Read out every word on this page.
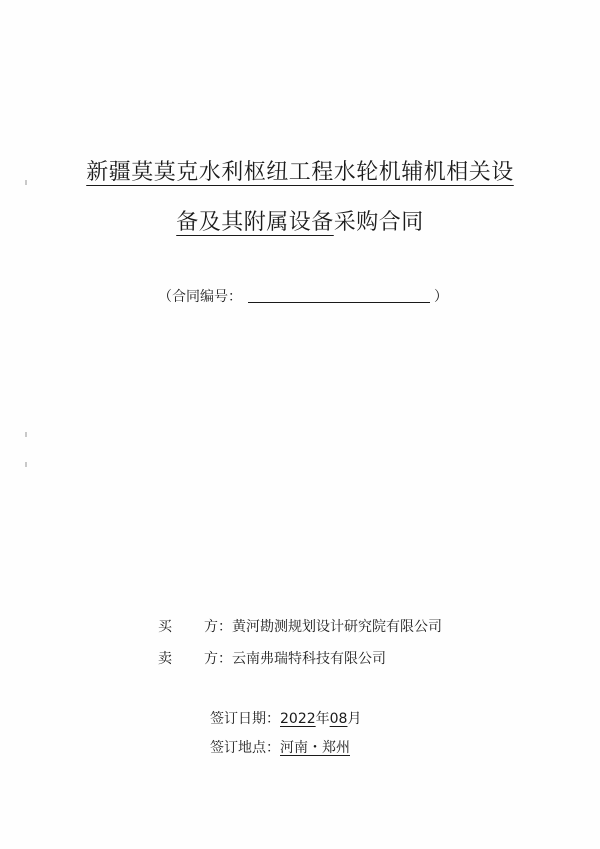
新疆莫莫克水利枢纽工程水轮机辅机相关设
备及其附属设备采购合同
（合同编号：	）
买 方：黄河勘测规划设计研究院有限公司
卖 方：云南弗瑞特科技有限公司
签订日期：2022年08月
签订地点：河南・郑州
